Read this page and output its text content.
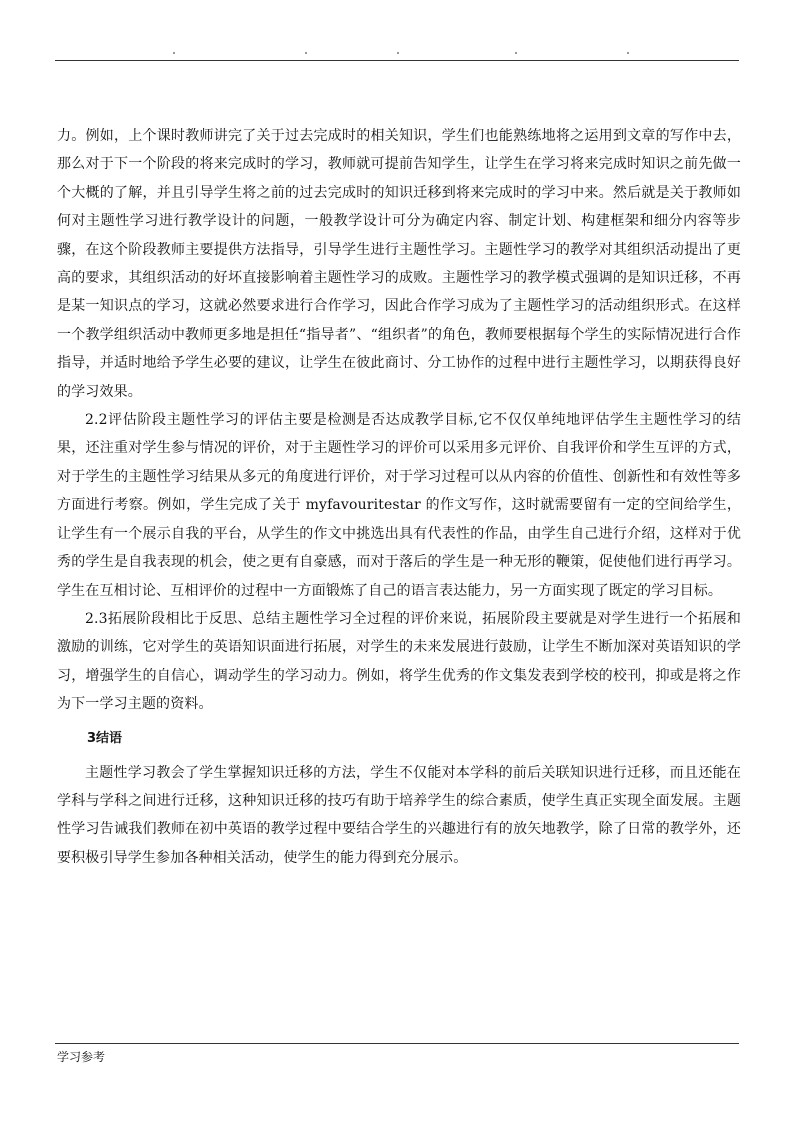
力。例如，上个课时教师讲完了关于过去完成时的相关知识，学生们也能熟练地将之运用到文章的写作中去，那么对于下一个阶段的将来完成时的学习，教师就可提前告知学生，让学生在学习将来完成时知识之前先做一个大概的了解，并且引导学生将之前的过去完成时的知识迁移到将来完成时的学习中来。然后就是关于教师如何对主题性学习进行教学设计的问题，一般教学设计可分为确定内容、制定计划、构建框架和细分内容等步骤，在这个阶段教师主要提供方法指导，引导学生进行主题性学习。主题性学习的教学对其组织活动提出了更高的要求，其组织活动的好坏直接影响着主题性学习的成败。主题性学习的教学模式强调的是知识迁移，不再是某一知识点的学习，这就必然要求进行合作学习，因此合作学习成为了主题性学习的活动组织形式。在这样一个教学组织活动中教师更多地是担任“指导者”、“组织者”的角色，教师要根据每个学生的实际情况进行合作指导，并适时地给予学生必要的建议，让学生在彼此商讨、分工协作的过程中进行主题性学习，以期获得良好的学习效果。

2.2评估阶段主题性学习的评估主要是检测是否达成教学目标,它不仅仅单纯地评估学生主题性学习的结果，还注重对学生参与情况的评价，对于主题性学习的评价可以采用多元评价、自我评价和学生互评的方式，对于学生的主题性学习结果从多元的角度进行评价，对于学习过程可以从内容的价值性、创新性和有效性等多方面进行考察。例如，学生完成了关于 myfavouritestar 的作文写作，这时就需要留有一定的空间给学生，让学生有一个展示自我的平台，从学生的作文中挑选出具有代表性的作品，由学生自己进行介绍，这样对于优秀的学生是自我表现的机会，使之更有自豪感，而对于落后的学生是一种无形的鞭策，促使他们进行再学习。学生在互相讨论、互相评价的过程中一方面锻炼了自己的语言表达能力，另一方面实现了既定的学习目标。

2.3拓展阶段相比于反思、总结主题性学习全过程的评价来说，拓展阶段主要就是对学生进行一个拓展和激励的训练，它对学生的英语知识面进行拓展，对学生的未来发展进行鼓励，让学生不断加深对英语知识的学习，增强学生的自信心，调动学生的学习动力。例如，将学生优秀的作文集发表到学校的校刊，抑或是将之作为下一学习主题的资料。

3结语

主题性学习教会了学生掌握知识迁移的方法，学生不仅能对本学科的前后关联知识进行迁移，而且还能在学科与学科之间进行迁移，这种知识迁移的技巧有助于培养学生的综合素质，使学生真正实现全面发展。主题性学习告诫我们教师在初中英语的教学过程中要结合学生的兴趣进行有的放矢地教学，除了日常的教学外，还要积极引导学生参加各种相关活动，使学生的能力得到充分展示。

学习参考
